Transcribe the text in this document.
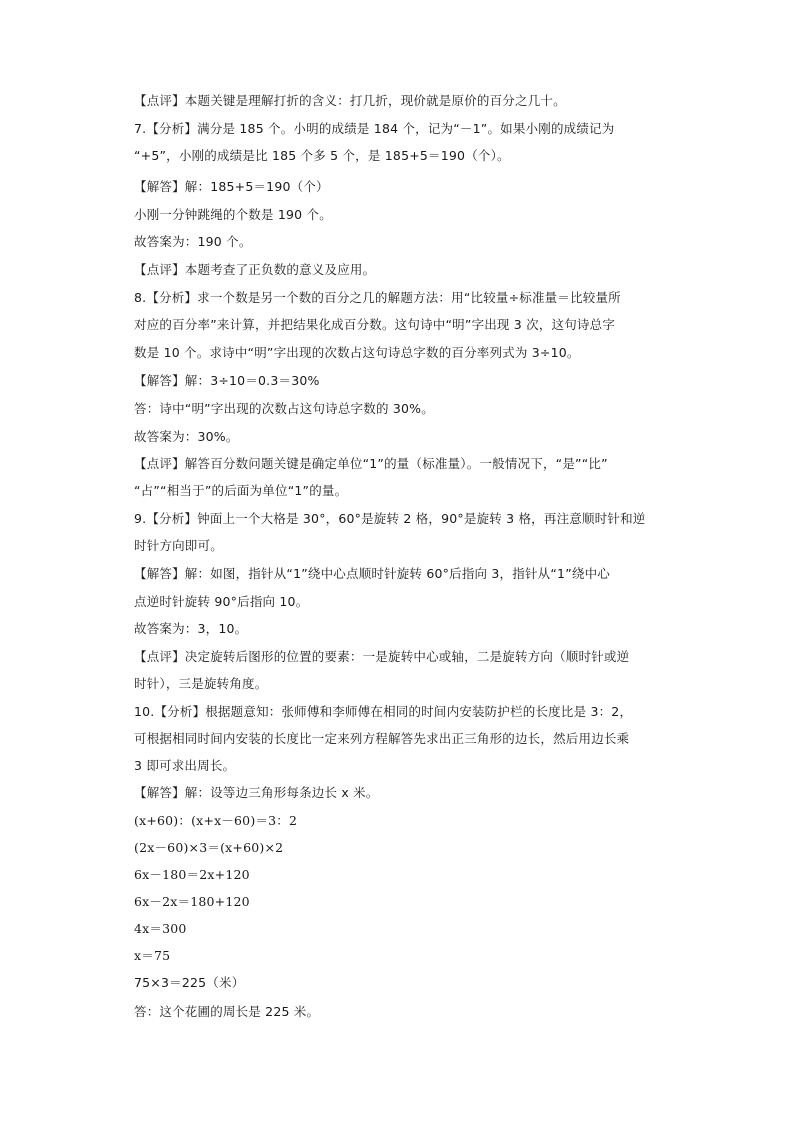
【点评】本题关键是理解打折的含义：打几折，现价就是原价的百分之几十。
7.【分析】满分是 185 个。小明的成绩是 184 个，记为“－1”。如果小刚的成绩记为
“+5”，小刚的成绩是比 185 个多 5 个，是 185+5＝190（个）。
【解答】解：185+5＝190（个）
小刚一分钟跳绳的个数是 190 个。
故答案为：190 个。
【点评】本题考查了正负数的意义及应用。
8.【分析】求一个数是另一个数的百分之几的解题方法：用“比较量÷标准量＝比较量所
对应的百分率”来计算，并把结果化成百分数。这句诗中“明”字出现 3 次，这句诗总字
数是 10 个。求诗中“明”字出现的次数占这句诗总字数的百分率列式为 3÷10。
【解答】解：3÷10＝0.3＝30%
答：诗中“明”字出现的次数占这句诗总字数的 30%。
故答案为：30%。
【点评】解答百分数问题关键是确定单位“1”的量（标准量）。一般情况下，“是”“比”
“占”“相当于”的后面为单位“1”的量。
9.【分析】钟面上一个大格是 30°，60°是旋转 2 格，90°是旋转 3 格，再注意顺时针和逆
时针方向即可。
【解答】解：如图，指针从“1”绕中心点顺时针旋转 60°后指向 3，指针从“1”绕中心
点逆时针旋转 90°后指向 10。
故答案为：3，10。
【点评】决定旋转后图形的位置的要素：一是旋转中心或轴，二是旋转方向（顺时针或逆
时针），三是旋转角度。
10.【分析】根据题意知：张师傅和李师傅在相同的时间内安装防护栏的长度比是 3：2，
可根据相同时间内安装的长度比一定来列方程解答先求出正三角形的边长，然后用边长乘
3 即可求出周长。
【解答】解：设等边三角形每条边长 x 米。
(x+60)：(x+x－60)＝3：2
(2x－60)×3＝(x+60)×2
6x－180＝2x+120
6x－2x＝180+120
4x＝300
x＝75
75×3＝225（米）
答：这个花圃的周长是 225 米。
